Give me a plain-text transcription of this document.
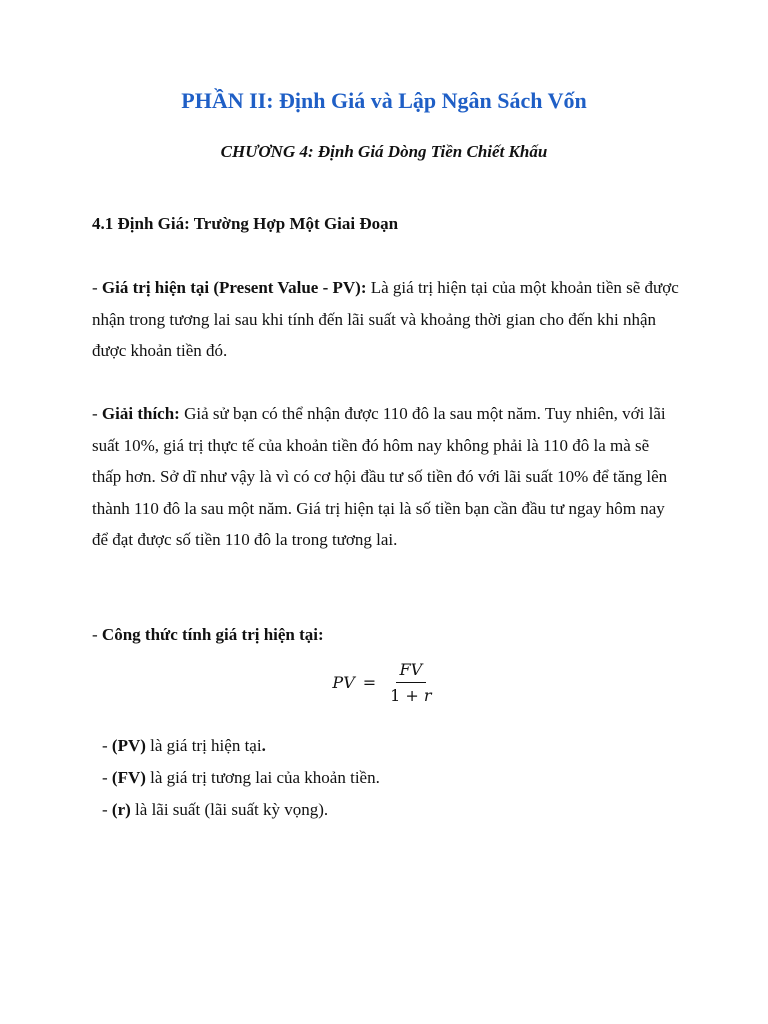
PHẦN II: Định Giá và Lập Ngân Sách Vốn
CHƯƠNG 4: Định Giá Dòng Tiền Chiết Khấu
4.1 Định Giá: Trường Hợp Một Giai Đoạn

- Giá trị hiện tại (Present Value - PV): Là giá trị hiện tại của một khoản tiền sẽ được nhận trong tương lai sau khi tính đến lãi suất và khoảng thời gian cho đến khi nhận được khoản tiền đó.

- Giải thích: Giả sử bạn có thể nhận được 110 đô la sau một năm. Tuy nhiên, với lãi suất 10%, giá trị thực tế của khoản tiền đó hôm nay không phải là 110 đô la mà sẽ thấp hơn. Sở dĩ như vậy là vì có cơ hội đầu tư số tiền đó với lãi suất 10% để tăng lên thành 110 đô la sau một năm. Giá trị hiện tại là số tiền bạn cần đầu tư ngay hôm nay để đạt được số tiền 110 đô la trong tương lai.

- Công thức tính giá trị hiện tại:

PV = $\frac{FV}{1 + r}$
- (PV) là giá trị hiện tại.
- (FV) là giá trị tương lai của khoản tiền.
- (r) là lãi suất (lãi suất kỳ vọng).
